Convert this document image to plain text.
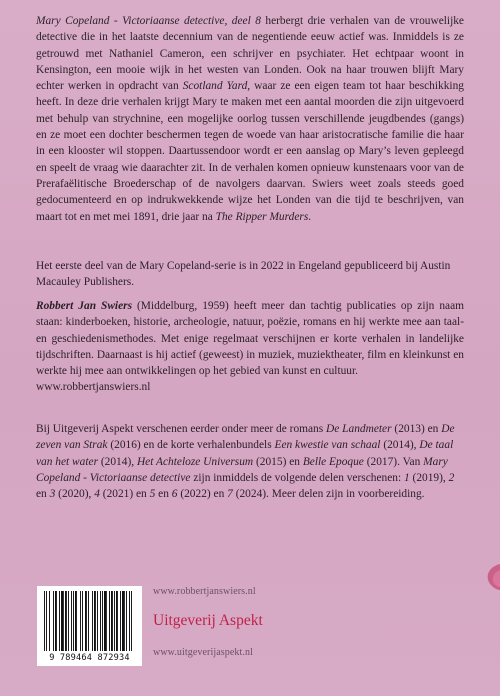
Mary Copeland - Victoriaanse detective, deel 8 herbergt drie verhalen van de vrouwelijke detective die in het laatste decennium van de negentiende eeuw actief was. Inmiddels is ze getrouwd met Nathaniel Cameron, een schrijver en psychiater. Het echtpaar woont in Kensington, een mooie wijk in het westen van Londen. Ook na haar trouwen blijft Mary echter werken in opdracht van Scotland Yard, waar ze een eigen team tot haar beschikking heeft. In deze drie verhalen krijgt Mary te maken met een aantal moorden die zijn uitgevoerd met behulp van strychnine, een mogelijke oorlog tussen verschillende jeugdbendes (gangs) en ze moet een dochter beschermen tegen de woede van haar aristocratische familie die haar in een klooster wil stoppen. Daartussendoor wordt er een aanslag op Mary’s leven gepleegd en speelt de vraag wie daarachter zit. In de verhalen komen opnieuw kunstenaars voor van de Prerafaëlitische Broederschap of de navolgers daarvan. Swiers weet zoals steeds goed gedocumenteerd en op indrukwekkende wijze het Londen van die tijd te beschrijven, van maart tot en met mei 1891, drie jaar na The Ripper Murders.

Het eerste deel van de Mary Copeland-serie is in 2022 in Engeland gepubliceerd bij Austin Macauley Publishers.

Robbert Jan Swiers (Middelburg, 1959) heeft meer dan tachtig publicaties op zijn naam staan: kinderboeken, historie, archeologie, natuur, poëzie, romans en hij werkte mee aan taal- en geschiedenismethodes. Met enige regelmaat verschijnen er korte verhalen in landelijke tijdschriften. Daarnaast is hij actief (geweest) in muziek, muziektheater, film en kleinkunst en werkte hij mee aan ontwikkelingen op het gebied van kunst en cultuur.

www.robbertjanswiers.nl

Bij Uitgeverij Aspekt verschenen eerder onder meer de romans De Landmeter (2013) en De zeven van Strak (2016) en de korte verhalenbundels Een kwestie van schaal (2014), De taal van het water (2014), Het Achteloze Universum (2015) en Belle Epoque (2017). Van Mary Copeland - Victoriaanse detective zijn inmiddels de volgende delen verschenen: 1 (2019), 2 en 3 (2020), 4 (2021) en 5 en 6 (2022) en 7 (2024). Meer delen zijn in voorbereiding.

9 789464 872934
www.robbertjanswiers.nl
Uitgeverij Aspekt
www.uitgeverijaspekt.nl
